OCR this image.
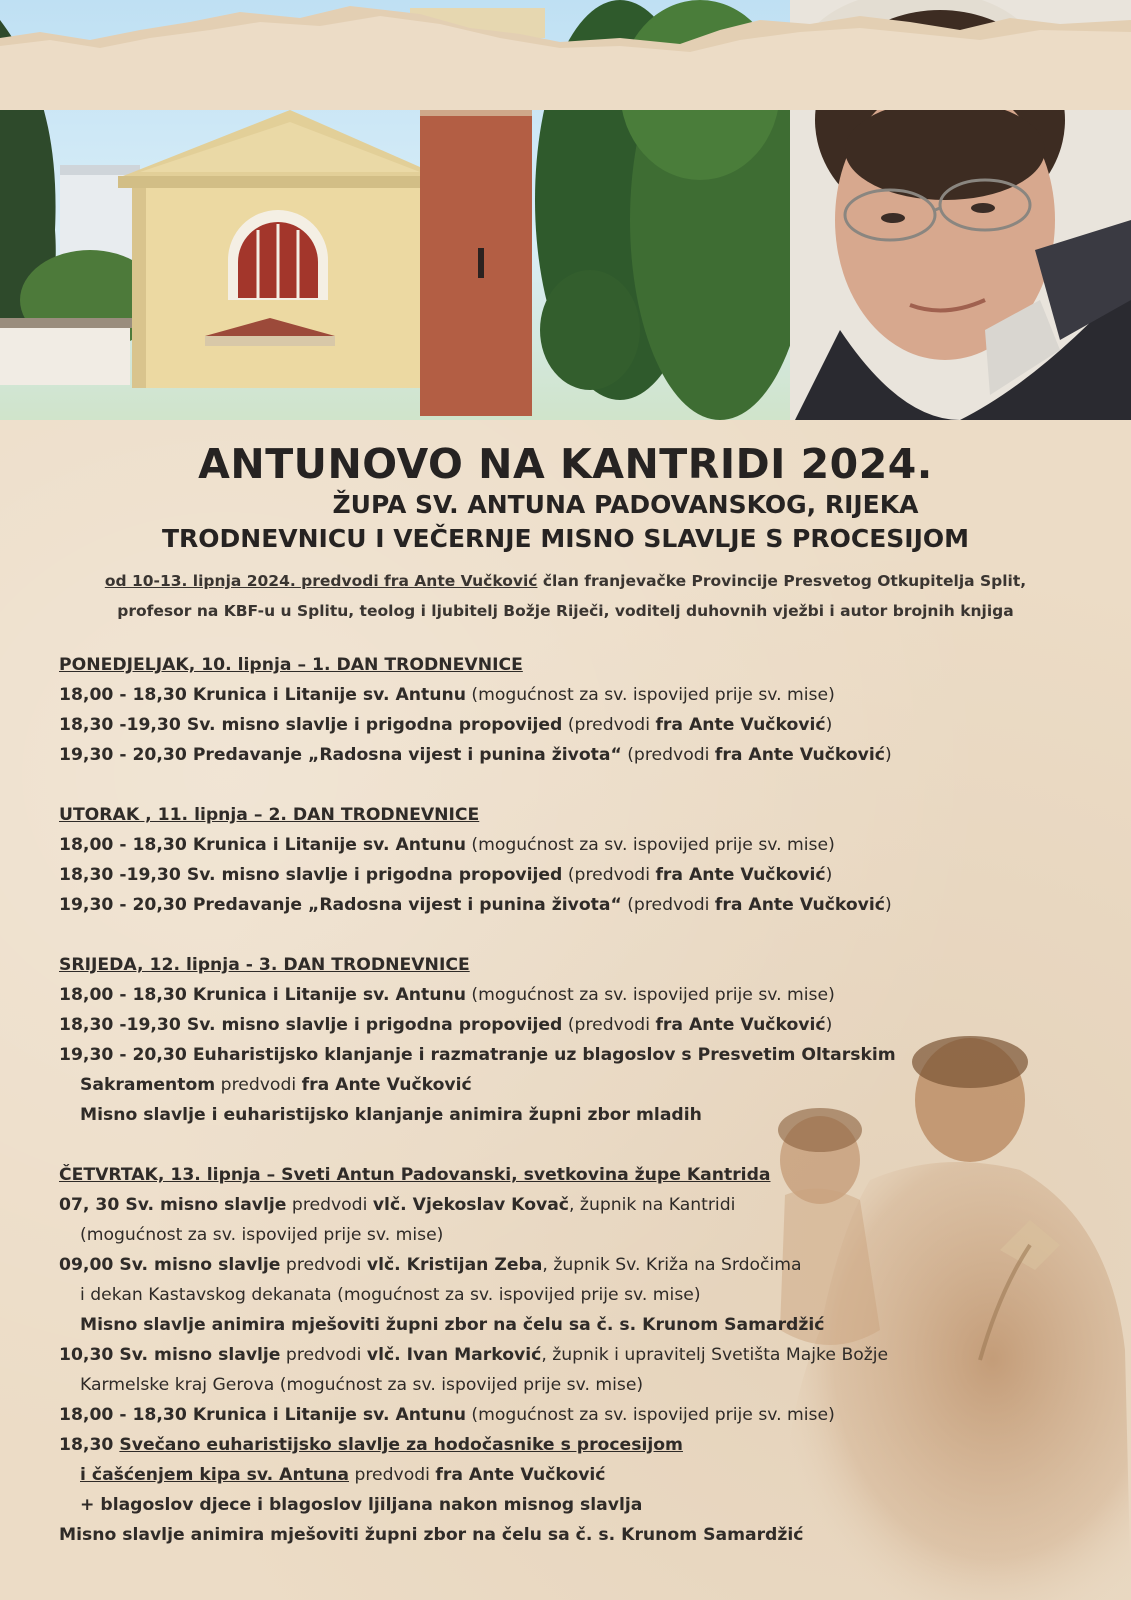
ANTUNOVO NA KANTRIDI 2024.
ŽUPA SV. ANTUNA PADOVANSKOG, RIJEKA
TRODNEVNICU I VEČERNJE MISNO SLAVLJE S PROCESIJOM
od 10-13. lipnja 2024. predvodi fra Ante Vučković član franjevačke Provincije Presvetog Otkupitelja Split,
profesor na KBF-u u Splitu, teolog i ljubitelj Božje Riječi, voditelj duhovnih vježbi i autor brojnih knjiga
PONEDJELJAK, 10. lipnja – 1. DAN TRODNEVNICE
18,00 - 18,30 Krunica i Litanije sv. Antunu (mogućnost za sv. ispovijed prije sv. mise)
18,30 -19,30 Sv. misno slavlje i prigodna propovijed (predvodi fra Ante Vučković)
19,30 - 20,30 Predavanje „Radosna vijest i punina života“ (predvodi fra Ante Vučković)
UTORAK , 11. lipnja – 2. DAN TRODNEVNICE
18,00 - 18,30 Krunica i Litanije sv. Antunu (mogućnost za sv. ispovijed prije sv. mise)
18,30 -19,30 Sv. misno slavlje i prigodna propovijed (predvodi fra Ante Vučković)
19,30 - 20,30 Predavanje „Radosna vijest i punina života“ (predvodi fra Ante Vučković)
SRIJEDA, 12. lipnja - 3. DAN TRODNEVNICE
18,00 - 18,30 Krunica i Litanije sv. Antunu (mogućnost za sv. ispovijed prije sv. mise)
18,30 -19,30 Sv. misno slavlje i prigodna propovijed (predvodi fra Ante Vučković)
19,30 - 20,30 Euharistijsko klanjanje i razmatranje uz blagoslov s Presvetim Oltarskim
Sakramentom predvodi fra Ante Vučković
Misno slavlje i euharistijsko klanjanje animira župni zbor mladih
ČETVRTAK, 13. lipnja – Sveti Antun Padovanski, svetkovina župe Kantrida
07, 30 Sv. misno slavlje predvodi vlč. Vjekoslav Kovač, župnik na Kantridi
(mogućnost za sv. ispovijed prije sv. mise)
09,00 Sv. misno slavlje predvodi vlč. Kristijan Zeba, župnik Sv. Križa na Srdočima
i dekan Kastavskog dekanata (mogućnost za sv. ispovijed prije sv. mise)
Misno slavlje animira mješoviti župni zbor na čelu sa č. s. Krunom Samardžić
10,30 Sv. misno slavlje predvodi vlč. Ivan Marković, župnik i upravitelj Svetišta Majke Božje
Karmelske kraj Gerova (mogućnost za sv. ispovijed prije sv. mise)
18,00 - 18,30 Krunica i Litanije sv. Antunu (mogućnost za sv. ispovijed prije sv. mise)
18,30 Svečano euharistijsko slavlje za hodočasnike s procesijom
i čašćenjem kipa sv. Antuna predvodi fra Ante Vučković
+ blagoslov djece i blagoslov ljiljana nakon misnog slavlja
Misno slavlje animira mješoviti župni zbor na čelu sa č. s. Krunom Samardžić
